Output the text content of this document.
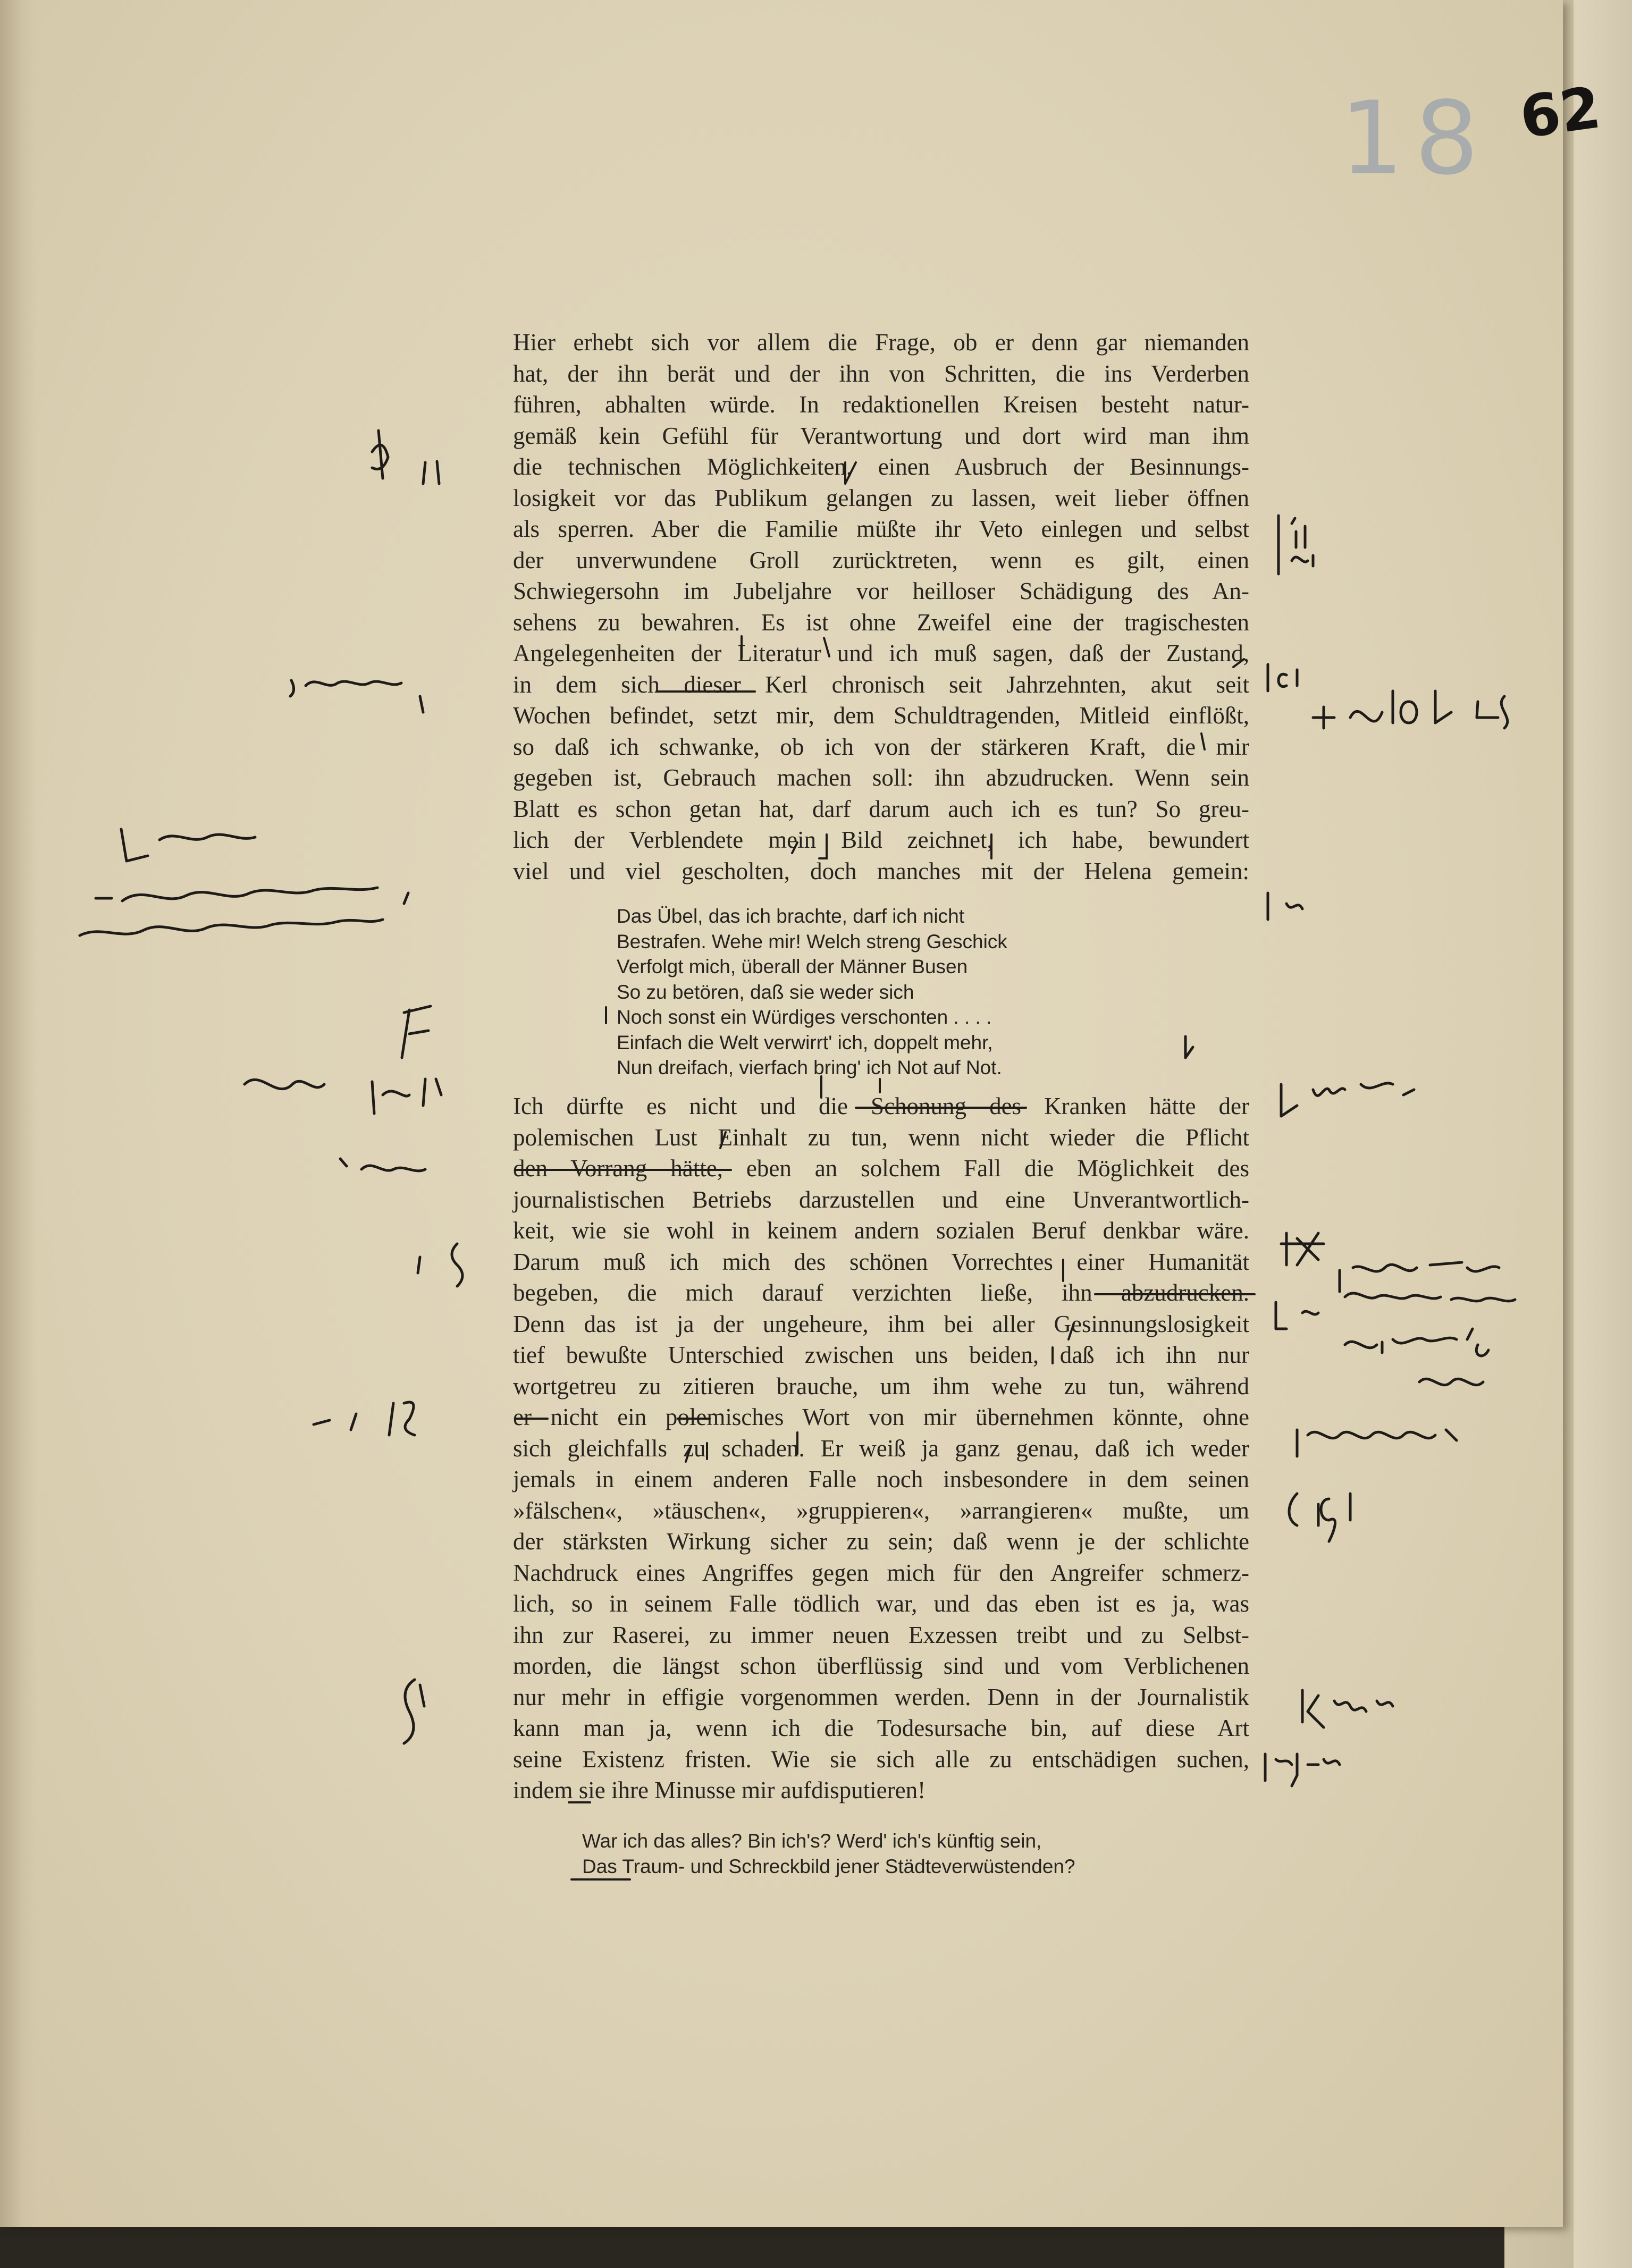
18 62
Hier erhebt sich vor allem die Frage, ob er denn gar niemanden
hat, der ihn berät und der ihn von Schritten, die ins Verderben
führen, abhalten würde. In redaktionellen Kreisen besteht natur-
gemäß kein Gefühl für Verantwortung und dort wird man ihm
die technischen Möglichkeiten, einen Ausbruch der Besinnungs-
losigkeit vor das Publikum gelangen zu lassen, weit lieber öffnen
als sperren. Aber die Familie müßte ihr Veto einlegen und selbst
der unverwundene Groll zurücktreten, wenn es gilt, einen
Schwiegersohn im Jubeljahre vor heilloser Schädigung des An-
sehens zu bewahren. Es ist ohne Zweifel eine der tragischesten
Angelegenheiten der Literatur und ich muß sagen, daß der Zustand,
in dem sich dieser Kerl chronisch seit Jahrzehnten, akut seit
Wochen befindet, setzt mir, dem Schuldtragenden, Mitleid einflößt,
so daß ich schwanke, ob ich von der stärkeren Kraft, die mir
gegeben ist, Gebrauch machen soll: ihn abzudrucken. Wenn sein
Blatt es schon getan hat, darf darum auch ich es tun? So greu-
lich der Verblendete mein Bild zeichnet, ich habe, bewundert
viel und viel gescholten, doch manches mit der Helena gemein:
Das Übel, das ich brachte, darf ich nicht
Bestrafen. Wehe mir! Welch streng Geschick
Verfolgt mich, überall der Männer Busen
So zu betören, daß sie weder sich
Noch sonst ein Würdiges verschonten . . . .
Einfach die Welt verwirrt' ich, doppelt mehr,
Nun dreifach, vierfach bring' ich Not auf Not.
Ich dürfte es nicht und die Schonung des Kranken hätte der
polemischen Lust Einhalt zu tun, wenn nicht wieder die Pflicht
den Vorrang hätte, eben an solchem Fall die Möglichkeit des
journalistischen Betriebs darzustellen und eine Unverantwortlich-
keit, wie sie wohl in keinem andern sozialen Beruf denkbar wäre.
Darum muß ich mich des schönen Vorrechtes einer Humanität
begeben, die mich darauf verzichten ließe, ihn abzudrucken.
Denn das ist ja der ungeheure, ihm bei aller Gesinnungslosigkeit
tief bewußte Unterschied zwischen uns beiden, daß ich ihn nur
wortgetreu zu zitieren brauche, um ihm wehe zu tun, während
er nicht ein polemisches Wort von mir übernehmen könnte, ohne
sich gleichfalls zu schaden. Er weiß ja ganz genau, daß ich weder
jemals in einem anderen Falle noch insbesondere in dem seinen
»fälschen«, »täuschen«, »gruppieren«, »arrangieren« mußte, um
der stärksten Wirkung sicher zu sein; daß wenn je der schlichte
Nachdruck eines Angriffes gegen mich für den Angreifer schmerz-
lich, so in seinem Falle tödlich war, und das eben ist es ja, was
ihn zur Raserei, zu immer neuen Exzessen treibt und zu Selbst-
morden, die längst schon überflüssig sind und vom Verblichenen
nur mehr in effigie vorgenommen werden. Denn in der Journalistik
kann man ja, wenn ich die Todesursache bin, auf diese Art
seine Existenz fristen. Wie sie sich alle zu entschädigen suchen,
indem sie ihre Minusse mir aufdisputieren!
War ich das alles? Bin ich's? Werd' ich's künftig sein,
Das Traum- und Schreckbild jener Städteverwüstenden?
